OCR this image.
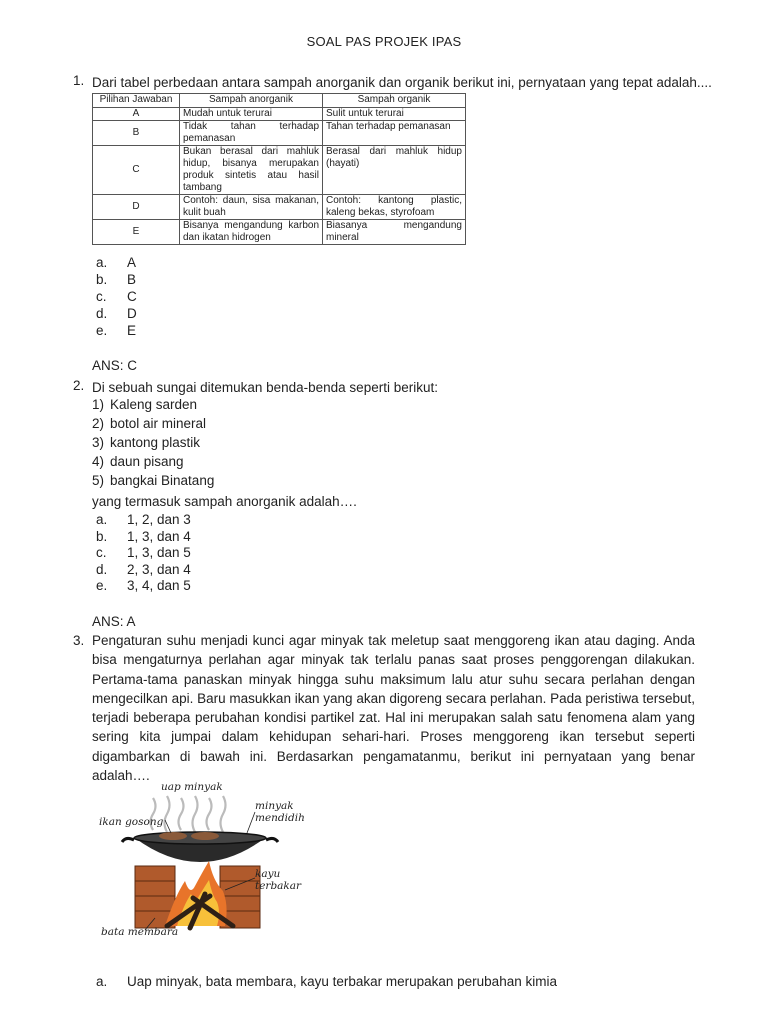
SOAL PAS PROJEK IPAS
1. Dari tabel perbedaan antara sampah anorganik dan organik berikut ini, pernyataan yang tepat adalah....
Pilihan Jawaban	Sampah anorganik	Sampah organik
A	Mudah untuk terurai	Sulit untuk terurai
B	Tidak tahan terhadap pemanasan	Tahan terhadap pemanasan
C	Bukan berasal dari mahluk hidup, bisanya merupakan produk sintetis atau hasil tambang	Berasal dari mahluk hidup (hayati)
D	Contoh: daun, sisa makanan, kulit buah	Contoh: kantong plastic, kaleng bekas, styrofoam
E	Bisanya mengandung karbon dan ikatan hidrogen	Biasanya mengandung mineral
a. A
b. B
c. C
d. D
e. E
ANS: C
2. Di sebuah sungai ditemukan benda-benda seperti berikut:
1) Kaleng sarden
2) botol air mineral
3) kantong plastik
4) daun pisang
5) bangkai Binatang
yang termasuk sampah anorganik adalah….
a. 1, 2, dan 3
b. 1, 3, dan 4
c. 1, 3, dan 5
d. 2, 3, dan 4
e. 3, 4, dan 5
ANS: A
3. Pengaturan suhu menjadi kunci agar minyak tak meletup saat menggoreng ikan atau daging. Anda bisa mengaturnya perlahan agar minyak tak terlalu panas saat proses penggorengan dilakukan. Pertama-tama panaskan minyak hingga suhu maksimum lalu atur suhu secara perlahan dengan mengecilkan api. Baru masukkan ikan yang akan digoreng secara perlahan. Pada peristiwa tersebut, terjadi beberapa perubahan kondisi partikel zat. Hal ini merupakan salah satu fenomena alam yang sering kita jumpai dalam kehidupan sehari-hari. Proses menggoreng ikan tersebut seperti digambarkan di bawah ini. Berdasarkan pengamatanmu, berikut ini pernyataan yang benar adalah….
uap minyak
ikan gosong
minyak
mendidih
kayu
terbakar
bata membara
a. Uap minyak, bata membara, kayu terbakar merupakan perubahan kimia
